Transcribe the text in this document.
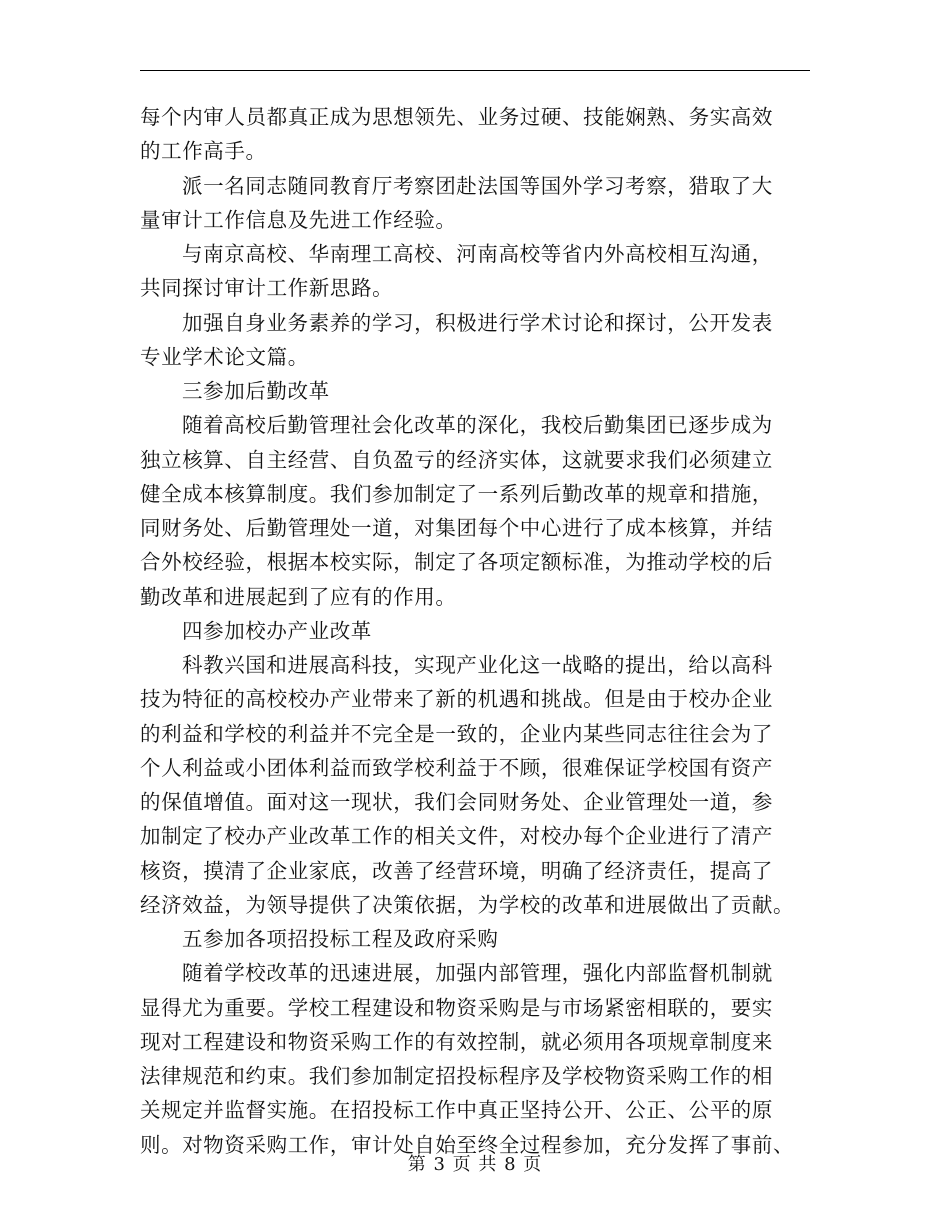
每个内审人员都真正成为思想领先、业务过硬、技能娴熟、务实高效
的工作高手。
派一名同志随同教育厅考察团赴法国等国外学习考察，猎取了大
量审计工作信息及先进工作经验。
与南京高校、华南理工高校、河南高校等省内外高校相互沟通，
共同探讨审计工作新思路。
加强自身业务素养的学习，积极进行学术讨论和探讨，公开发表
专业学术论文篇。
三参加后勤改革
随着高校后勤管理社会化改革的深化，我校后勤集团已逐步成为
独立核算、自主经营、自负盈亏的经济实体，这就要求我们必须建立
健全成本核算制度。我们参加制定了一系列后勤改革的规章和措施，
同财务处、后勤管理处一道，对集团每个中心进行了成本核算，并结
合外校经验，根据本校实际，制定了各项定额标准，为推动学校的后
勤改革和进展起到了应有的作用。
四参加校办产业改革
科教兴国和进展高科技，实现产业化这一战略的提出，给以高科
技为特征的高校校办产业带来了新的机遇和挑战。但是由于校办企业
的利益和学校的利益并不完全是一致的，企业内某些同志往往会为了
个人利益或小团体利益而致学校利益于不顾，很难保证学校国有资产
的保值增值。面对这一现状，我们会同财务处、企业管理处一道，参
加制定了校办产业改革工作的相关文件，对校办每个企业进行了清产
核资，摸清了企业家底，改善了经营环境，明确了经济责任，提高了
经济效益，为领导提供了决策依据，为学校的改革和进展做出了贡献。
五参加各项招投标工程及政府采购
随着学校改革的迅速进展，加强内部管理，强化内部监督机制就
显得尤为重要。学校工程建设和物资采购是与市场紧密相联的，要实
现对工程建设和物资采购工作的有效控制，就必须用各项规章制度来
法律规范和约束。我们参加制定招投标程序及学校物资采购工作的相
关规定并监督实施。在招投标工作中真正坚持公开、公正、公平的原
则。对物资采购工作，审计处自始至终全过程参加，充分发挥了事前、
第 3 页 共 8 页
